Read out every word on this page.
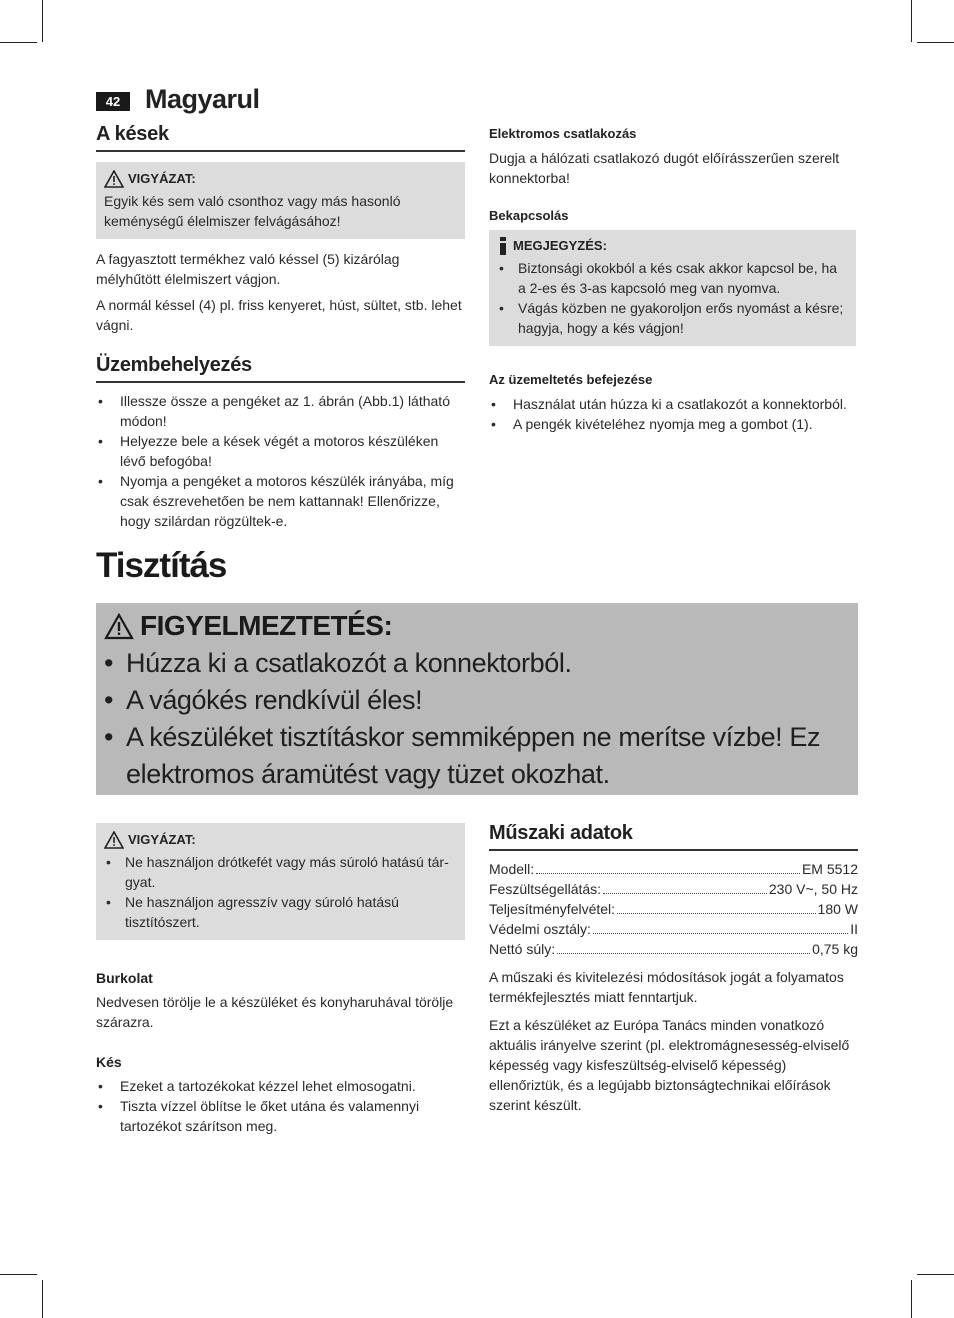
42 Magyarul
A kések
VIGYÁZAT:
Egyik kés sem való csonthoz vagy más hasonló keménységű élelmiszer felvágásához!

A fagyasztott termékhez való késsel (5) kizárólag mélyhűtött élelmiszert vágjon.

A normál késsel (4) pl. friss kenyeret, húst, sültet, stb. lehet vágni.

Üzembehelyezés
• Illessze össze a pengéket az 1. ábrán (Abb.1) látható módon!
• Helyezze bele a kések végét a motoros készüléken lévő befogóba!
• Nyomja a pengéket a motoros készülék irányába, míg csak észrevehetően be nem kattannak! Ellenőrizze, hogy szilárdan rögzültek-e.
Elektromos csatlakozás

Dugja a hálózati csatlakozó dugót előírásszerűen szerelt konnektorba!

Bekapcsolás
MEGJEGYZÉS:
• Biztonsági okokból a kés csak akkor kapcsol be, ha a 2-es és 3-as kapcsoló meg van nyomva.
• Vágás közben ne gyakoroljon erős nyomást a késre; hagyja, hogy a kés vágjon!
Az üzemeltetés befejezése
• Használat után húzza ki a csatlakozót a konnektorból.
• A pengék kivételéhez nyomja meg a gombot (1).
Tisztítás
FIGYELMEZTETÉS:
• Húzza ki a csatlakozót a konnektorból.
• A vágókés rendkívül éles!
• A készüléket tisztításkor semmiképpen ne merítse vízbe! Ez elektromos áramütést vagy tüzet okozhat.
VIGYÁZAT:
• Ne használjon drótkefét vagy más súroló hatású tárgyat.
• Ne használjon agresszív vagy súroló hatású tisztítószert.
Burkolat

Nedvesen törölje le a készüléket és konyharuhával törölje szárazra.

Kés
• Ezeket a tartozékokat kézzel lehet elmosogatni.
• Tiszta vízzel öblítse le őket utána és valamennyi tartozékot szárítson meg.
Műszaki adatok
Modell:	EM 5512
Feszültségellátás:	230 V~, 50 Hz
Teljesítményfelvétel:	180 W
Védelmi osztály:	II
Nettó súly:	0,75 kg

A műszaki és kivitelezési módosítások jogát a folyamatos termékfejlesztés miatt fenntartjuk.

Ezt a készüléket az Európa Tanács minden vonatkozó aktuális irányelve szerint (pl. elektromágnesesség-elviselő képesség vagy kisfeszültség-elviselő képesség) ellenőriztük, és a legújabb biztonságtechnikai előírások szerint készült.
